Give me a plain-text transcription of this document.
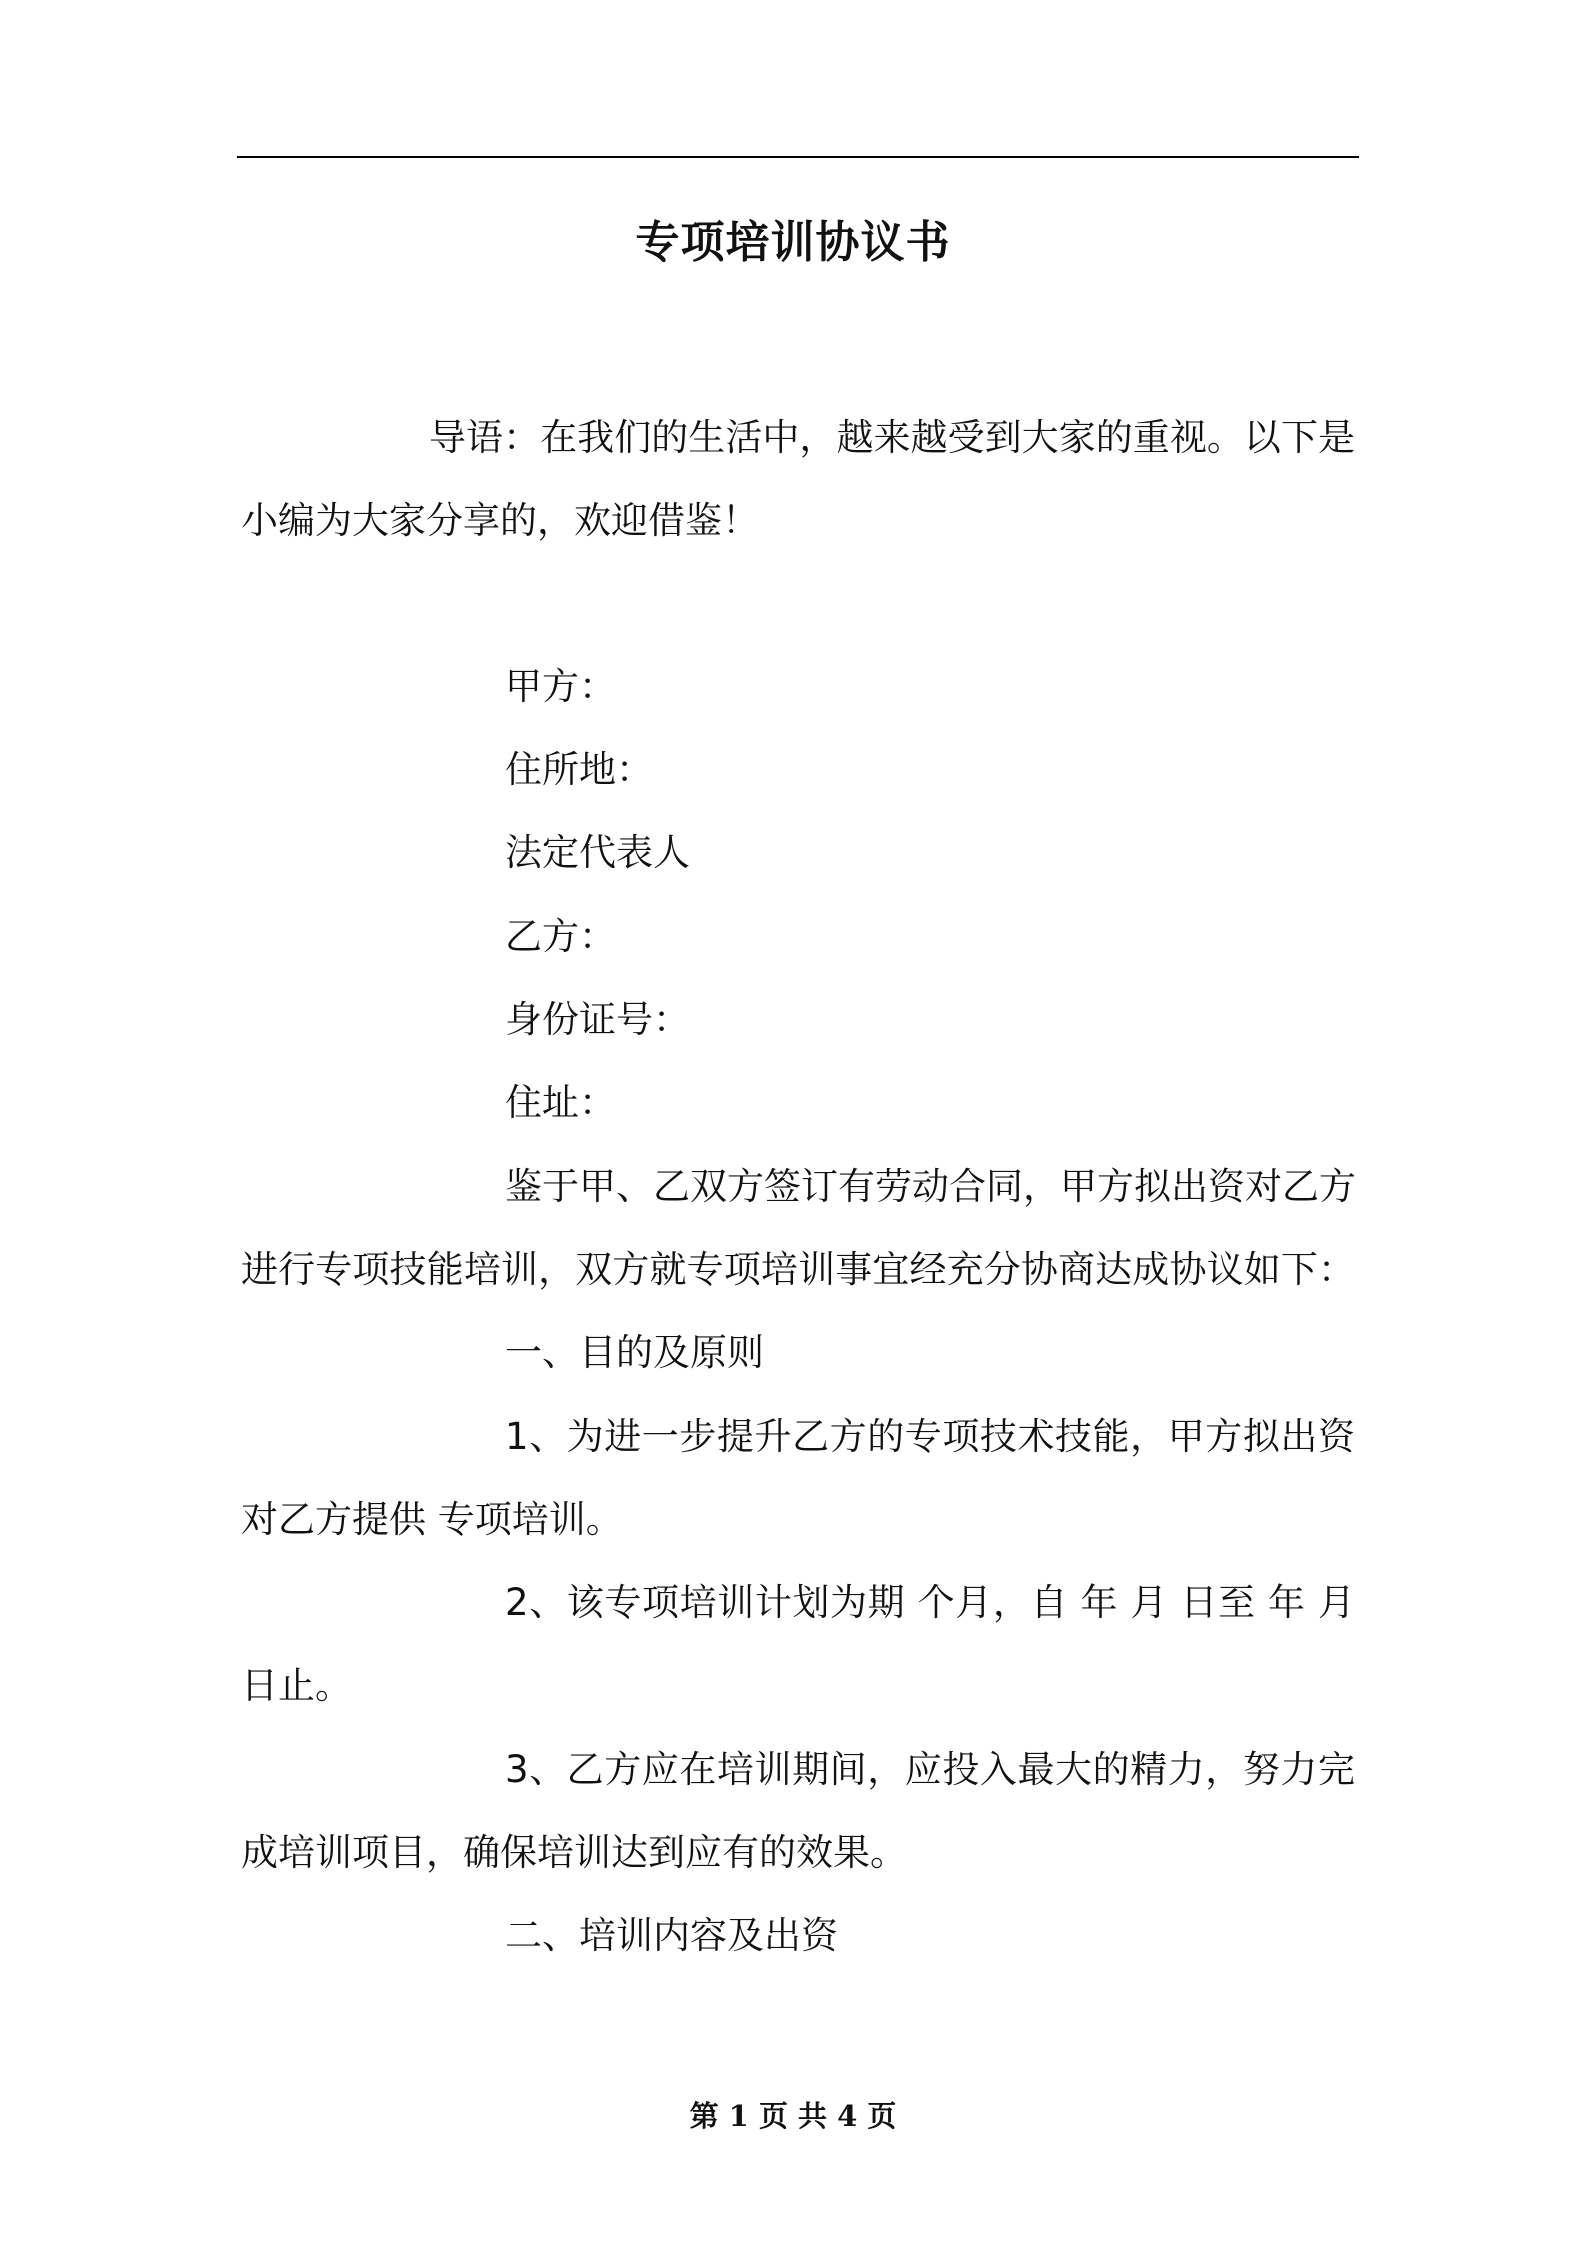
专项培训协议书
导语：在我们的生活中，越来越受到大家的重视。以下是
小编为大家分享的，欢迎借鉴！
甲方：
住所地：
法定代表人
乙方：
身份证号：
住址：
鉴于甲、乙双方签订有劳动合同，甲方拟出资对乙方
进行专项技能培训，双方就专项培训事宜经充分协商达成协议如下：
一、目的及原则
1、为进一步提升乙方的专项技术技能，甲方拟出资
对乙方提供 专项培训。
2、该专项培训计划为期 个月，自 年 月 日至 年 月
日止。
3、乙方应在培训期间，应投入最大的精力，努力完
成培训项目，确保培训达到应有的效果。
二、培训内容及出资
第 1 页 共 4 页
